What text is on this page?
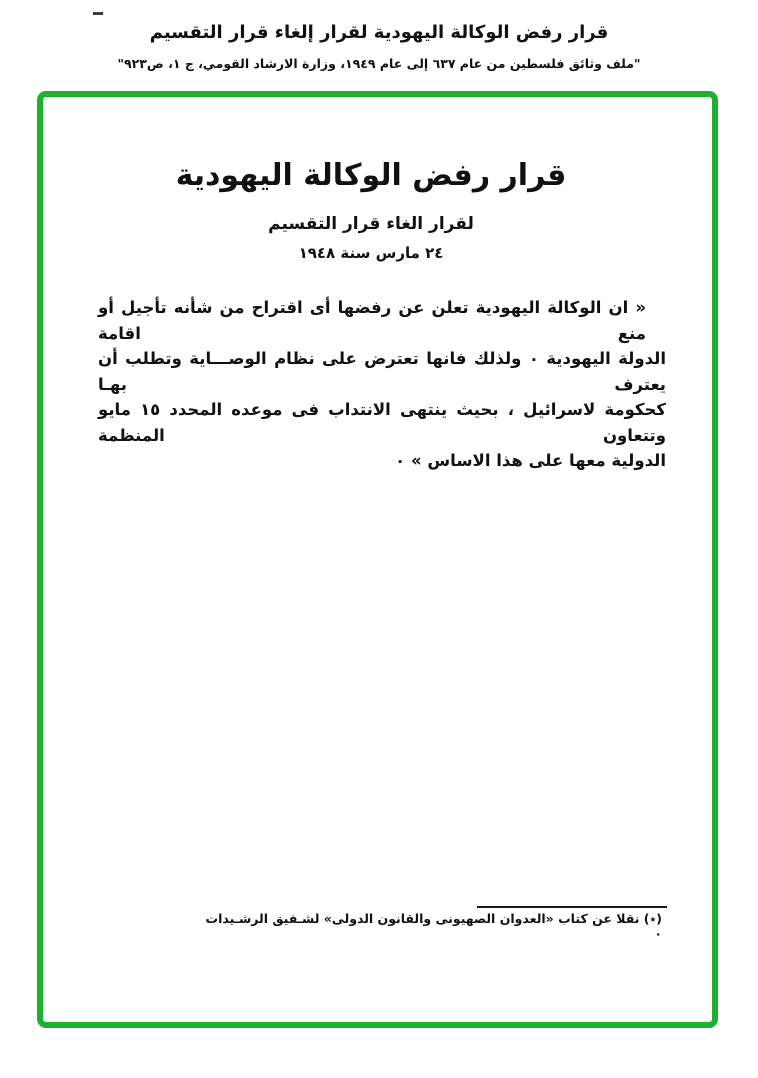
قرار رفض الوكالة اليهودية لقرار إلغاء قرار التقسيم
"ملف وثائق فلسطين من عام ٦٣٧ إلى عام ١٩٤٩، وزارة الارشاد القومي، ج ١، ص٩٢٣"
قرار رفض الوكالة اليهودية
لقرار الغاء قرار التقسيم
٢٤ مارس سنة ١٩٤٨
« ان الوكالة اليهودية تعلن عن رفضها أى اقتراح من شأنه تأجيل أو منع اقامة
الدولة اليهودية ٠ ولذلك فانها تعترض على نظام الوصـــاية وتطلب أن يعترف بهـا
كحكومة لاسرائيل ، بحيث ينتهى الانتداب فى موعده المحدد ١٥ مايو وتتعاون المنظمة
الدولية معها على هذا الاساس » ٠
(٭) نقلا عن كتاب «العدوان الصهيونى والقانون الدولى» لشـفيق الرشـيدات ٠
